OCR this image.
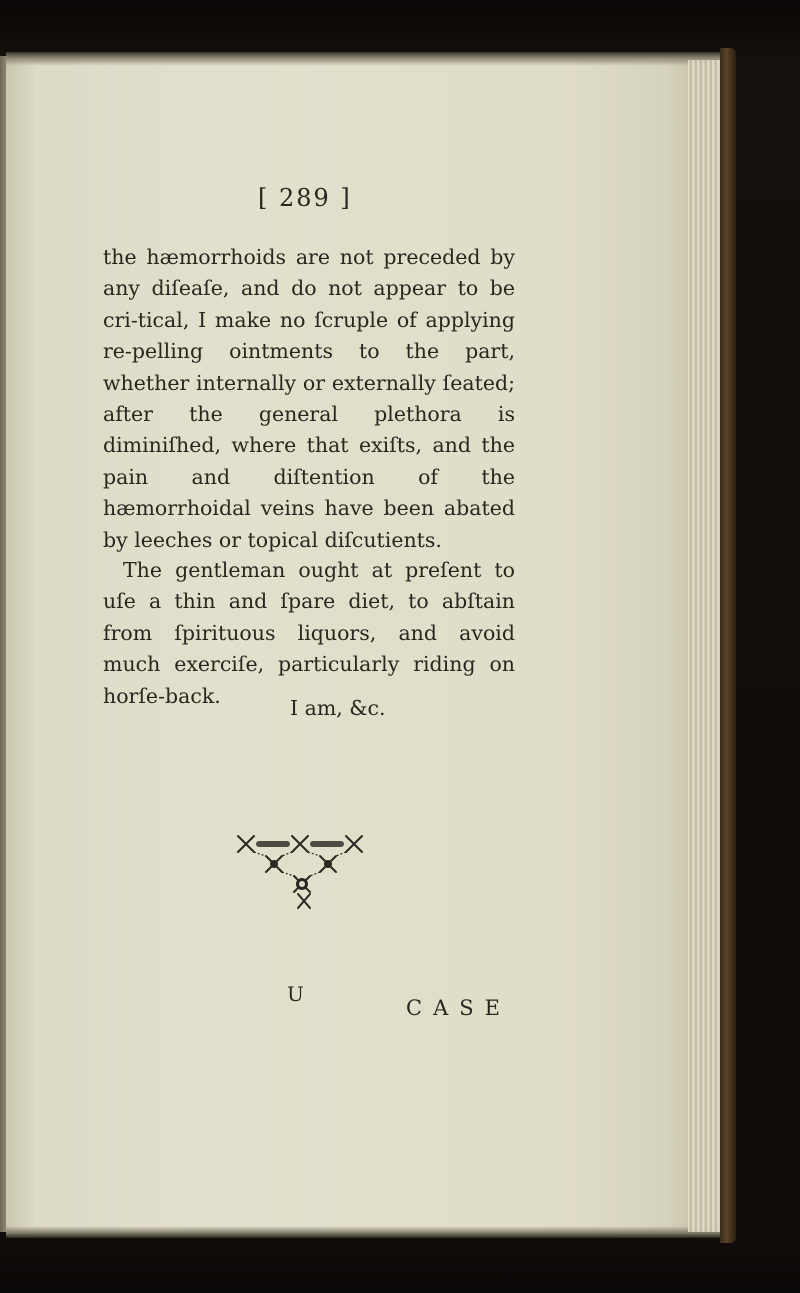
[ 289 ]

the hæmorrhoids are not preceded by any diſeaſe, and do not appear to be cri-tical, I make no ſcruple of applying re-pelling ointments to the part, whether internally or externally ſeated; after the general plethora is diminiſhed, where that exiſts, and the pain and diſtention of the hæmorrhoidal veins have been abated by leeches or topical diſcutients.

The gentleman ought at preſent to uſe a thin and ſpare diet, to abſtain from ſpirituous liquors, and avoid much exerciſe, particularly riding on horſe-back.

I am, &c.
U
CASE
